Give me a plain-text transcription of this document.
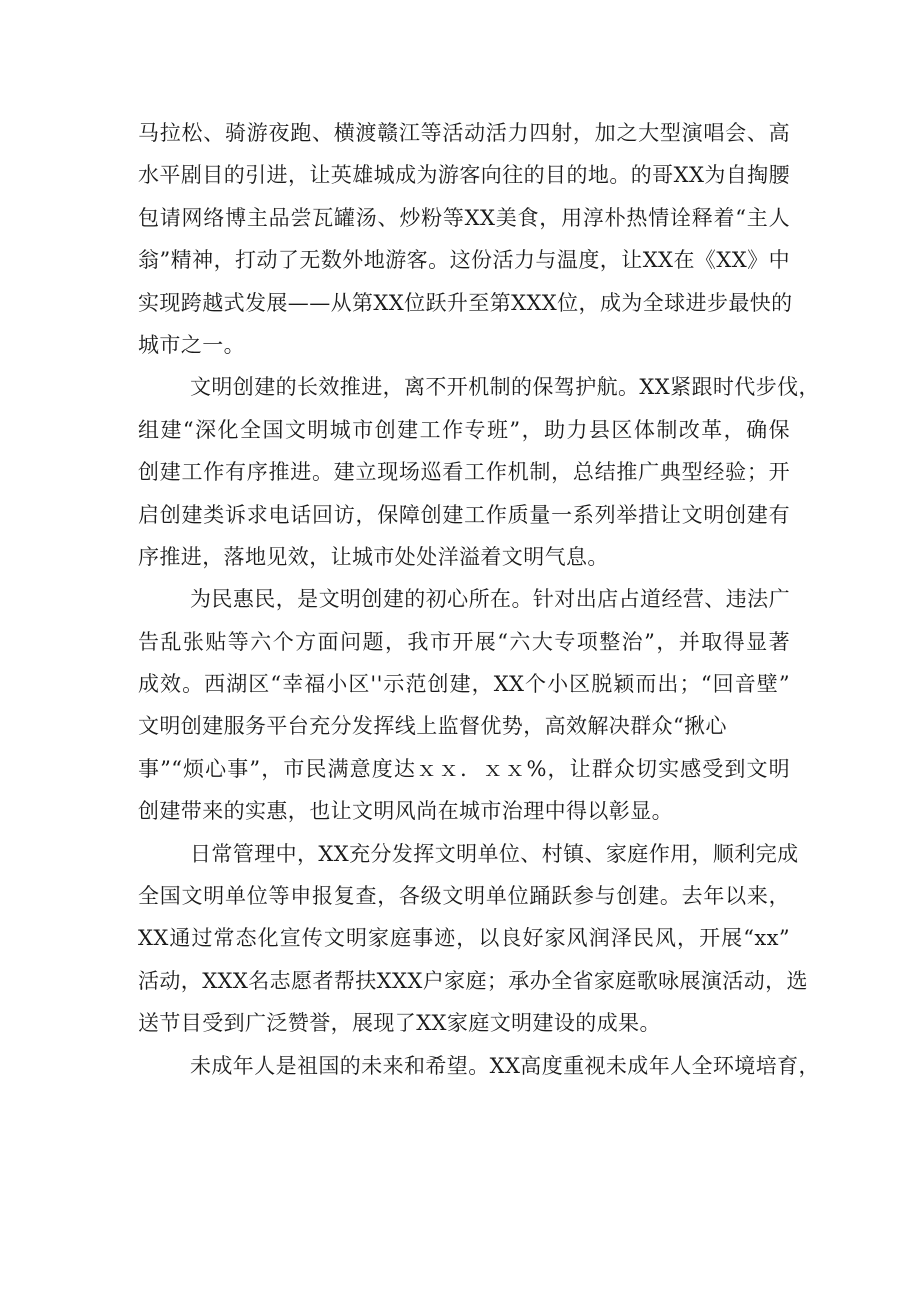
马拉松、骑游夜跑、横渡赣江等活动活力四射，加之大型演唱会、高
水平剧目的引进，让英雄城成为游客向往的目的地。的哥XX为自掏腰
包请网络博主品尝瓦罐汤、炒粉等XX美食，用淳朴热情诠释着“主人
翁”精神，打动了无数外地游客。这份活力与温度，让XX在《XX》中
实现跨越式发展——从第XX位跃升至第XXX位，成为全球进步最快的
城市之一。
文明创建的长效推进，离不开机制的保驾护航。XX紧跟时代步伐，
组建“深化全国文明城市创建工作专班”，助力县区体制改革，确保
创建工作有序推进。建立现场巡看工作机制，总结推广典型经验；开
启创建类诉求电话回访，保障创建工作质量一系列举措让文明创建有
序推进，落地见效，让城市处处洋溢着文明气息。
为民惠民，是文明创建的初心所在。针对出店占道经营、违法广
告乱张贴等六个方面问题，我市开展“六大专项整治”，并取得显著
成效。西湖区“幸福小区''示范创建，XX个小区脱颖而出；“回音壁”
文明创建服务平台充分发挥线上监督优势，高效解决群众“揪心
事”“烦心事”，市民满意度达ｘｘ．ｘｘ%，让群众切实感受到文明
创建带来的实惠，也让文明风尚在城市治理中得以彰显。
日常管理中，XX充分发挥文明单位、村镇、家庭作用，顺利完成
全国文明单位等申报复查，各级文明单位踊跃参与创建。去年以来，
XX通过常态化宣传文明家庭事迹，以良好家风润泽民风，开展“xx”
活动，XXX名志愿者帮扶XXX户家庭；承办全省家庭歌咏展演活动，选
送节目受到广泛赞誉，展现了XX家庭文明建设的成果。
未成年人是祖国的未来和希望。XX高度重视未成年人全环境培育，
